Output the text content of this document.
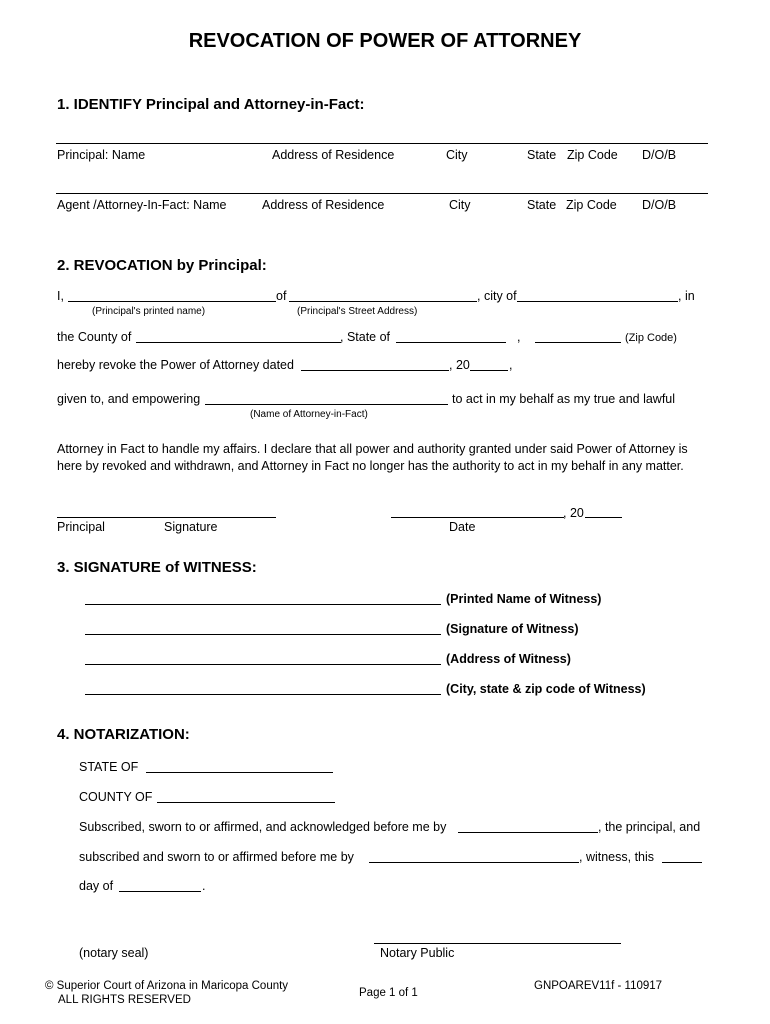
REVOCATION OF POWER OF ATTORNEY
1. IDENTIFY Principal and Attorney-in-Fact:
Principal: Name	Address of Residence	City	State Zip Code D/O/B
Agent /Attorney-In-Fact: Name	Address of Residence	City	State Zip Code D/O/B
2. REVOCATION by Principal:
I,	of	, city of	, in
(Principal's printed name)	(Principal's Street Address)
the County of	, State of	,	(Zip Code)
hereby revoke the Power of Attorney dated	, 20	,
given to, and empowering	to act in my behalf as my true and lawful
(Name of Attorney-in-Fact)
Attorney in Fact to handle my affairs. I declare that all power and authority granted under said Power of Attorney is
here by revoked and withdrawn, and Attorney in Fact no longer has the authority to act in my behalf in any matter.
, 20
Principal	Signature	Date
3. SIGNATURE of WITNESS:
(Printed Name of Witness)
(Signature of Witness)
(Address of Witness)
(City, state & zip code of Witness)
4. NOTARIZATION:
STATE OF
COUNTY OF
Subscribed, sworn to or affirmed, and acknowledged before me by	, the principal, and
subscribed and sworn to or affirmed before me by	, witness, this
day of	.
(notary seal)	Notary Public
© Superior Court of Arizona in Maricopa County
ALL RIGHTS RESERVED
Page 1 of 1
GNPOAREV11f - 110917
